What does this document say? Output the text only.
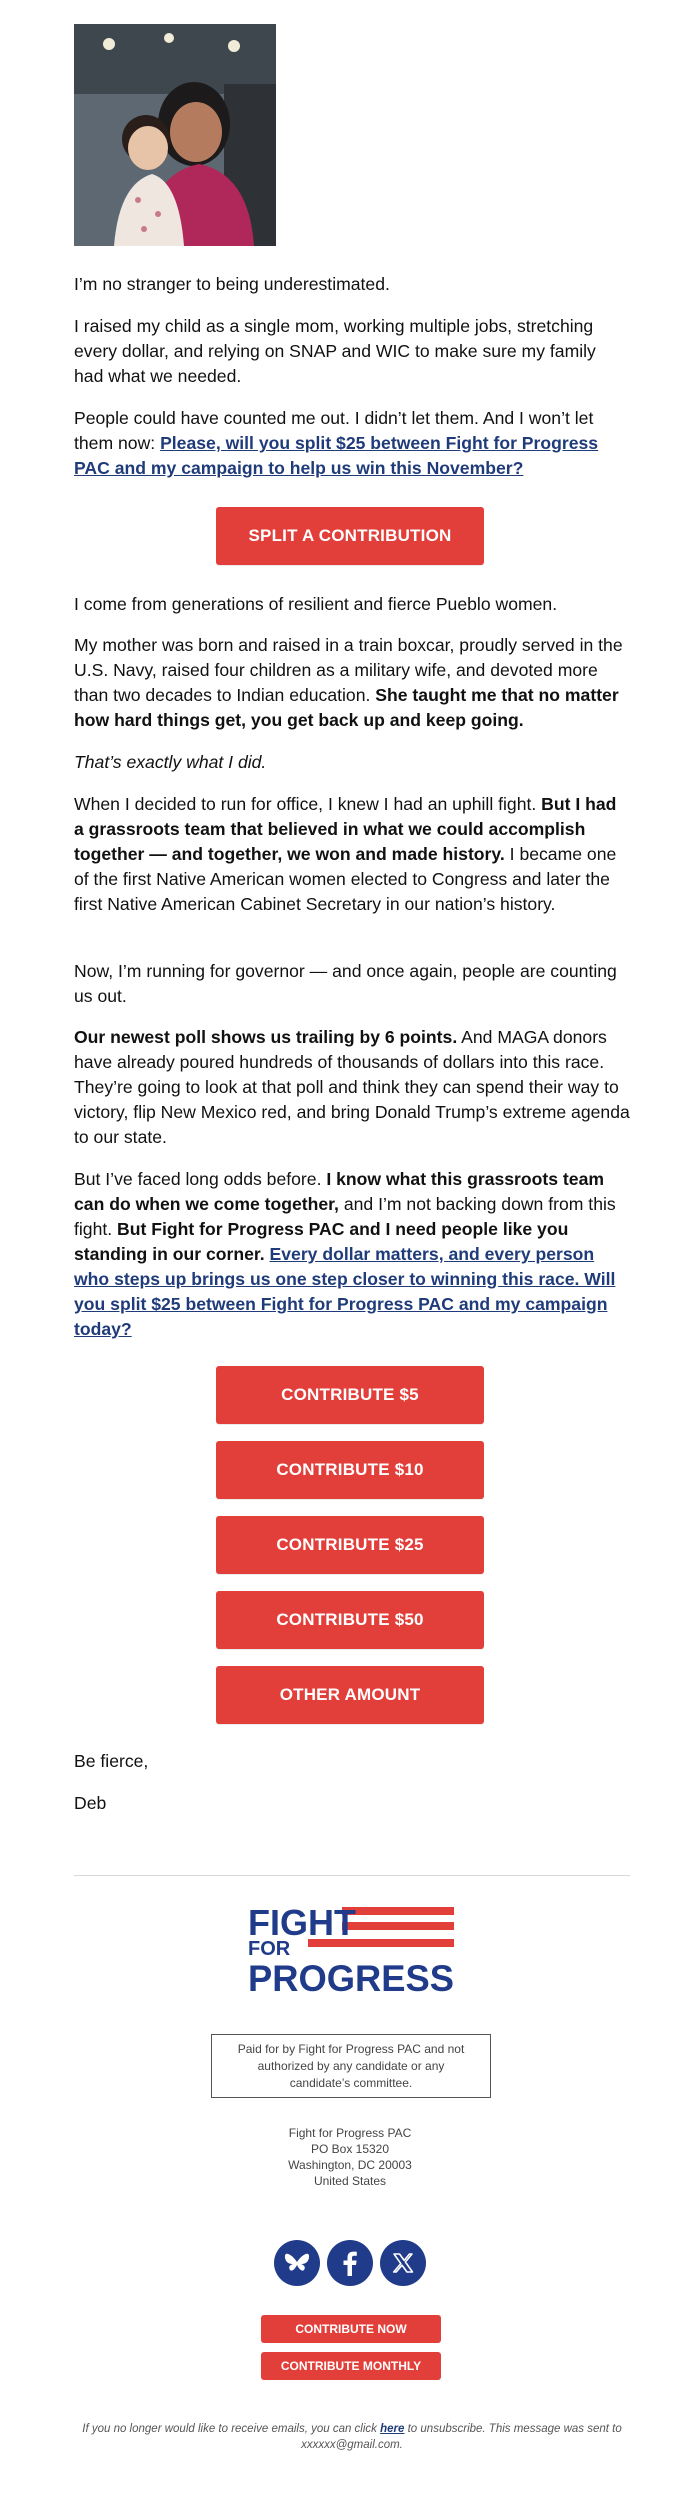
I’m no stranger to being underestimated.

I raised my child as a single mom, working multiple jobs, stretching every dollar, and relying on SNAP and WIC to make sure my family had what we needed.

People could have counted me out. I didn’t let them. And I won’t let them now: Please, will you split $25 between Fight for Progress PAC and my campaign to help us win this November?

SPLIT A CONTRIBUTION

I come from generations of resilient and fierce Pueblo women.

My mother was born and raised in a train boxcar, proudly served in the U.S. Navy, raised four children as a military wife, and devoted more than two decades to Indian education. She taught me that no matter how hard things get, you get back up and keep going.

That’s exactly what I did.

When I decided to run for office, I knew I had an uphill fight. But I had a grassroots team that believed in what we could accomplish together — and together, we won and made history. I became one of the first Native American women elected to Congress and later the first Native American Cabinet Secretary in our nation’s history.

Now, I’m running for governor — and once again, people are counting us out.

Our newest poll shows us trailing by 6 points. And MAGA donors have already poured hundreds of thousands of dollars into this race. They’re going to look at that poll and think they can spend their way to victory, flip New Mexico red, and bring Donald Trump’s extreme agenda to our state.

But I’ve faced long odds before. I know what this grassroots team can do when we come together, and I’m not backing down from this fight. But Fight for Progress PAC and I need people like you standing in our corner. Every dollar matters, and every person who steps up brings us one step closer to winning this race. Will you split $25 between Fight for Progress PAC and my campaign today?

CONTRIBUTE $5
CONTRIBUTE $10
CONTRIBUTE $25
CONTRIBUTE $50
OTHER AMOUNT

Be fierce,

Deb

FIGHT
FOR
PROGRESS
Paid for by Fight for Progress PAC and not authorized by any candidate or any candidate’s committee.
Fight for Progress PAC
PO Box 15320
Washington, DC 20003
United States
CONTRIBUTE NOW
CONTRIBUTE MONTHLY
If you no longer would like to receive emails, you can click here to unsubscribe. This message was sent to xxxxxx@gmail.com.
